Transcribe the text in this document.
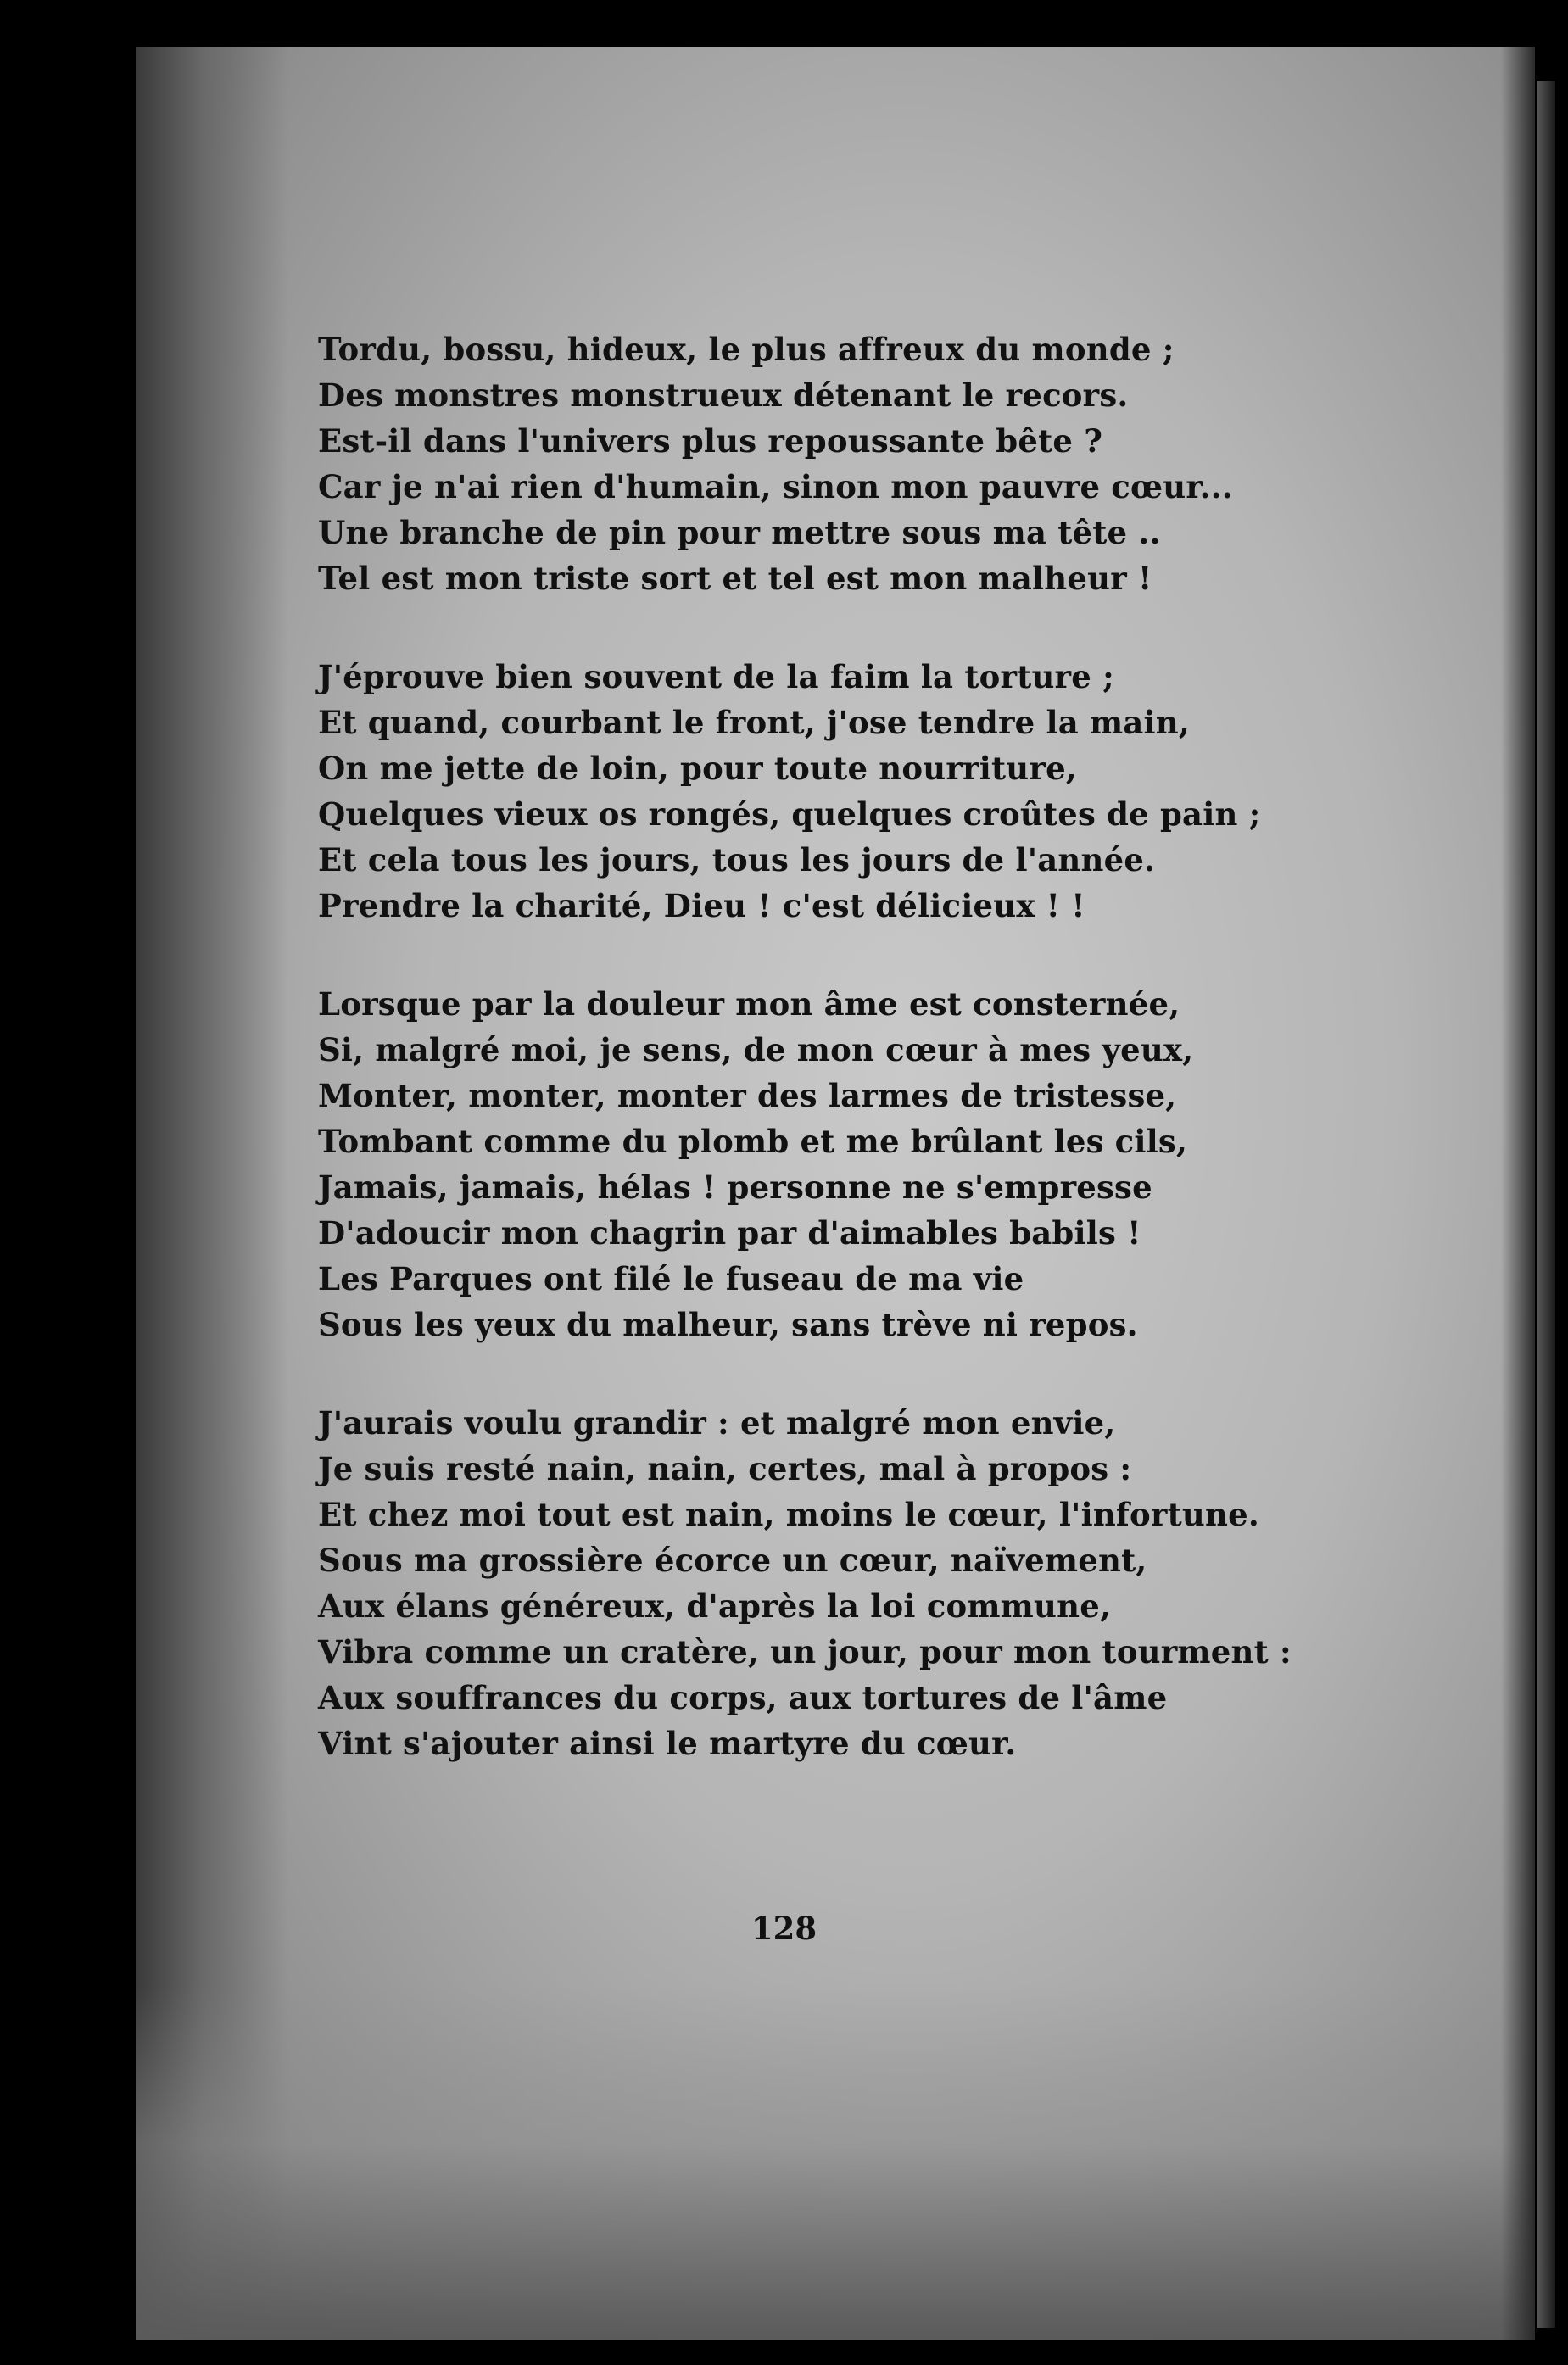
Tordu, bossu, hideux, le plus affreux du monde ;
Des monstres monstrueux détenant le recors.
Est-il dans l'univers plus repoussante bête ?
Car je n'ai rien d'humain, sinon mon pauvre cœur...
Une branche de pin pour mettre sous ma tête ..
Tel est mon triste sort et tel est mon malheur !
J'éprouve bien souvent de la faim la torture ;
Et quand, courbant le front, j'ose tendre la main,
On me jette de loin, pour toute nourriture,
Quelques vieux os rongés, quelques croûtes de pain ;
Et cela tous les jours, tous les jours de l'année.
Prendre la charité, Dieu ! c'est délicieux ! !
Lorsque par la douleur mon âme est consternée,
Si, malgré moi, je sens, de mon cœur à mes yeux,
Monter, monter, monter des larmes de tristesse,
Tombant comme du plomb et me brûlant les cils,
Jamais, jamais, hélas ! personne ne s'empresse
D'adoucir mon chagrin par d'aimables babils !
Les Parques ont filé le fuseau de ma vie
Sous les yeux du malheur, sans trève ni repos.
J'aurais voulu grandir : et malgré mon envie,
Je suis resté nain, nain, certes, mal à propos :
Et chez moi tout est nain, moins le cœur, l'infortune.
Sous ma grossière écorce un cœur, naïvement,
Aux élans généreux, d'après la loi commune,
Vibra comme un cratère, un jour, pour mon tourment :
Aux souffrances du corps, aux tortures de l'âme
Vint s'ajouter ainsi le martyre du cœur.
128
